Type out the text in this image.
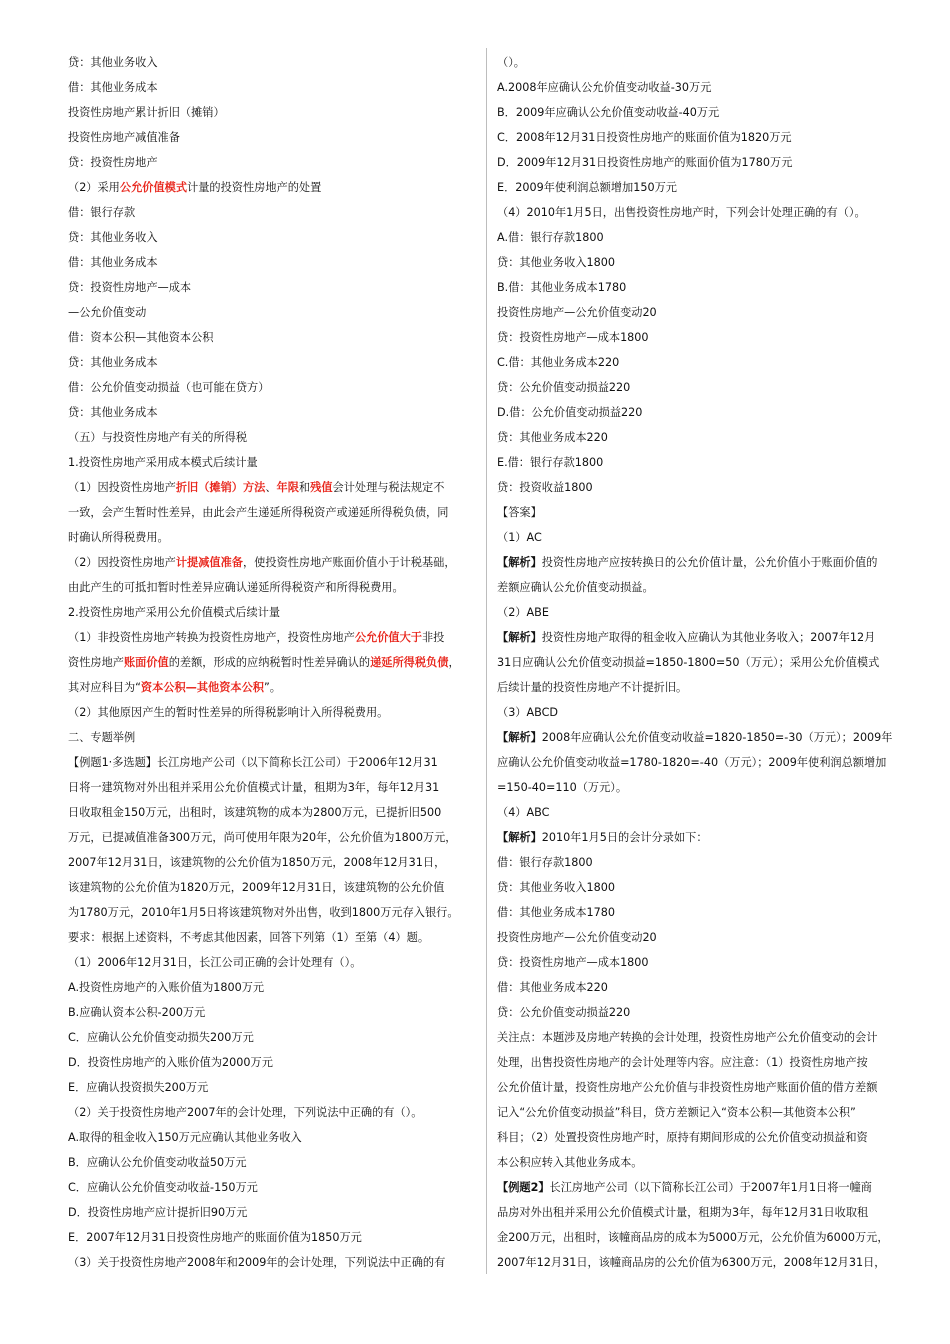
贷：其他业务收入
借：其他业务成本
投资性房地产累计折旧（摊销）
投资性房地产减值准备
贷：投资性房地产
（2）采用公允价值模式计量的投资性房地产的处置
借：银行存款
贷：其他业务收入
借：其他业务成本
贷：投资性房地产—成本
—公允价值变动
借：资本公积—其他资本公积
贷：其他业务成本
借：公允价值变动损益（也可能在贷方）
贷：其他业务成本
（五）与投资性房地产有关的所得税
1.投资性房地产采用成本模式后续计量
（1）因投资性房地产折旧（摊销）方法、年限和残值会计处理与税法规定不
一致，会产生暂时性差异，由此会产生递延所得税资产或递延所得税负债，同
时确认所得税费用。
（2）因投资性房地产计提减值准备，使投资性房地产账面价值小于计税基础，
由此产生的可抵扣暂时性差异应确认递延所得税资产和所得税费用。
2.投资性房地产采用公允价值模式后续计量
（1）非投资性房地产转换为投资性房地产，投资性房地产公允价值大于非投
资性房地产账面价值的差额，形成的应纳税暂时性差异确认的递延所得税负债，
其对应科目为“资本公积—其他资本公积”。
（2）其他原因产生的暂时性差异的所得税影响计入所得税费用。
二、专题举例
【例题1·多选题】长江房地产公司（以下简称长江公司）于2006年12月31
日将一建筑物对外出租并采用公允价值模式计量，租期为3年，每年12月31
日收取租金150万元，出租时，该建筑物的成本为2800万元，已提折旧500
万元，已提减值准备300万元，尚可使用年限为20年，公允价值为1800万元，
2007年12月31日，该建筑物的公允价值为1850万元，2008年12月31日，
该建筑物的公允价值为1820万元，2009年12月31日，该建筑物的公允价值
为1780万元，2010年1月5日将该建筑物对外出售，收到1800万元存入银行。
要求：根据上述资料，不考虑其他因素，回答下列第（1）至第（4）题。
（1）2006年12月31日，长江公司正确的会计处理有（）。
A.投资性房地产的入账价值为1800万元
B.应确认资本公积-200万元
C．应确认公允价值变动损失200万元
D．投资性房地产的入账价值为2000万元
E．应确认投资损失200万元
（2）关于投资性房地产2007年的会计处理，下列说法中正确的有（）。
A.取得的租金收入150万元应确认其他业务收入
B．应确认公允价值变动收益50万元
C．应确认公允价值变动收益-150万元
D．投资性房地产应计提折旧90万元
E．2007年12月31日投资性房地产的账面价值为1850万元
（3）关于投资性房地产2008年和2009年的会计处理，下列说法中正确的有
（）。
A.2008年应确认公允价值变动收益-30万元
B．2009年应确认公允价值变动收益-40万元
C．2008年12月31日投资性房地产的账面价值为1820万元
D．2009年12月31日投资性房地产的账面价值为1780万元
E．2009年使利润总额增加150万元
（4）2010年1月5日，出售投资性房地产时，下列会计处理正确的有（）。
A.借：银行存款1800
贷：其他业务收入1800
B.借：其他业务成本1780
投资性房地产—公允价值变动20
贷：投资性房地产—成本1800
C.借：其他业务成本220
贷：公允价值变动损益220
D.借：公允价值变动损益220
贷：其他业务成本220
E.借：银行存款1800
贷：投资收益1800
【答案】
（1）AC
【解析】投资性房地产应按转换日的公允价值计量，公允价值小于账面价值的
差额应确认公允价值变动损益。
（2）ABE
【解析】投资性房地产取得的租金收入应确认为其他业务收入；2007年12月
31日应确认公允价值变动损益=1850-1800=50（万元）；采用公允价值模式
后续计量的投资性房地产不计提折旧。
（3）ABCD
【解析】2008年应确认公允价值变动收益=1820-1850=-30（万元）；2009年
应确认公允价值变动收益=1780-1820=-40（万元）；2009年使利润总额增加
=150-40=110（万元）。
（4）ABC
【解析】2010年1月5日的会计分录如下：
借：银行存款1800
贷：其他业务收入1800
借：其他业务成本1780
投资性房地产—公允价值变动20
贷：投资性房地产—成本1800
借：其他业务成本220
贷：公允价值变动损益220
关注点：本题涉及房地产转换的会计处理，投资性房地产公允价值变动的会计
处理，出售投资性房地产的会计处理等内容。应注意：（1）投资性房地产按
公允价值计量，投资性房地产公允价值与非投资性房地产账面价值的借方差额
记入“公允价值变动损益”科目，贷方差额记入“资本公积—其他资本公积”
科目；（2）处置投资性房地产时，原持有期间形成的公允价值变动损益和资
本公积应转入其他业务成本。
【例题2】长江房地产公司（以下简称长江公司）于2007年1月1日将一幢商
品房对外出租并采用公允价值模式计量，租期为3年，每年12月31日收取租
金200万元，出租时，该幢商品房的成本为5000万元，公允价值为6000万元，
2007年12月31日，该幢商品房的公允价值为6300万元，2008年12月31日，
